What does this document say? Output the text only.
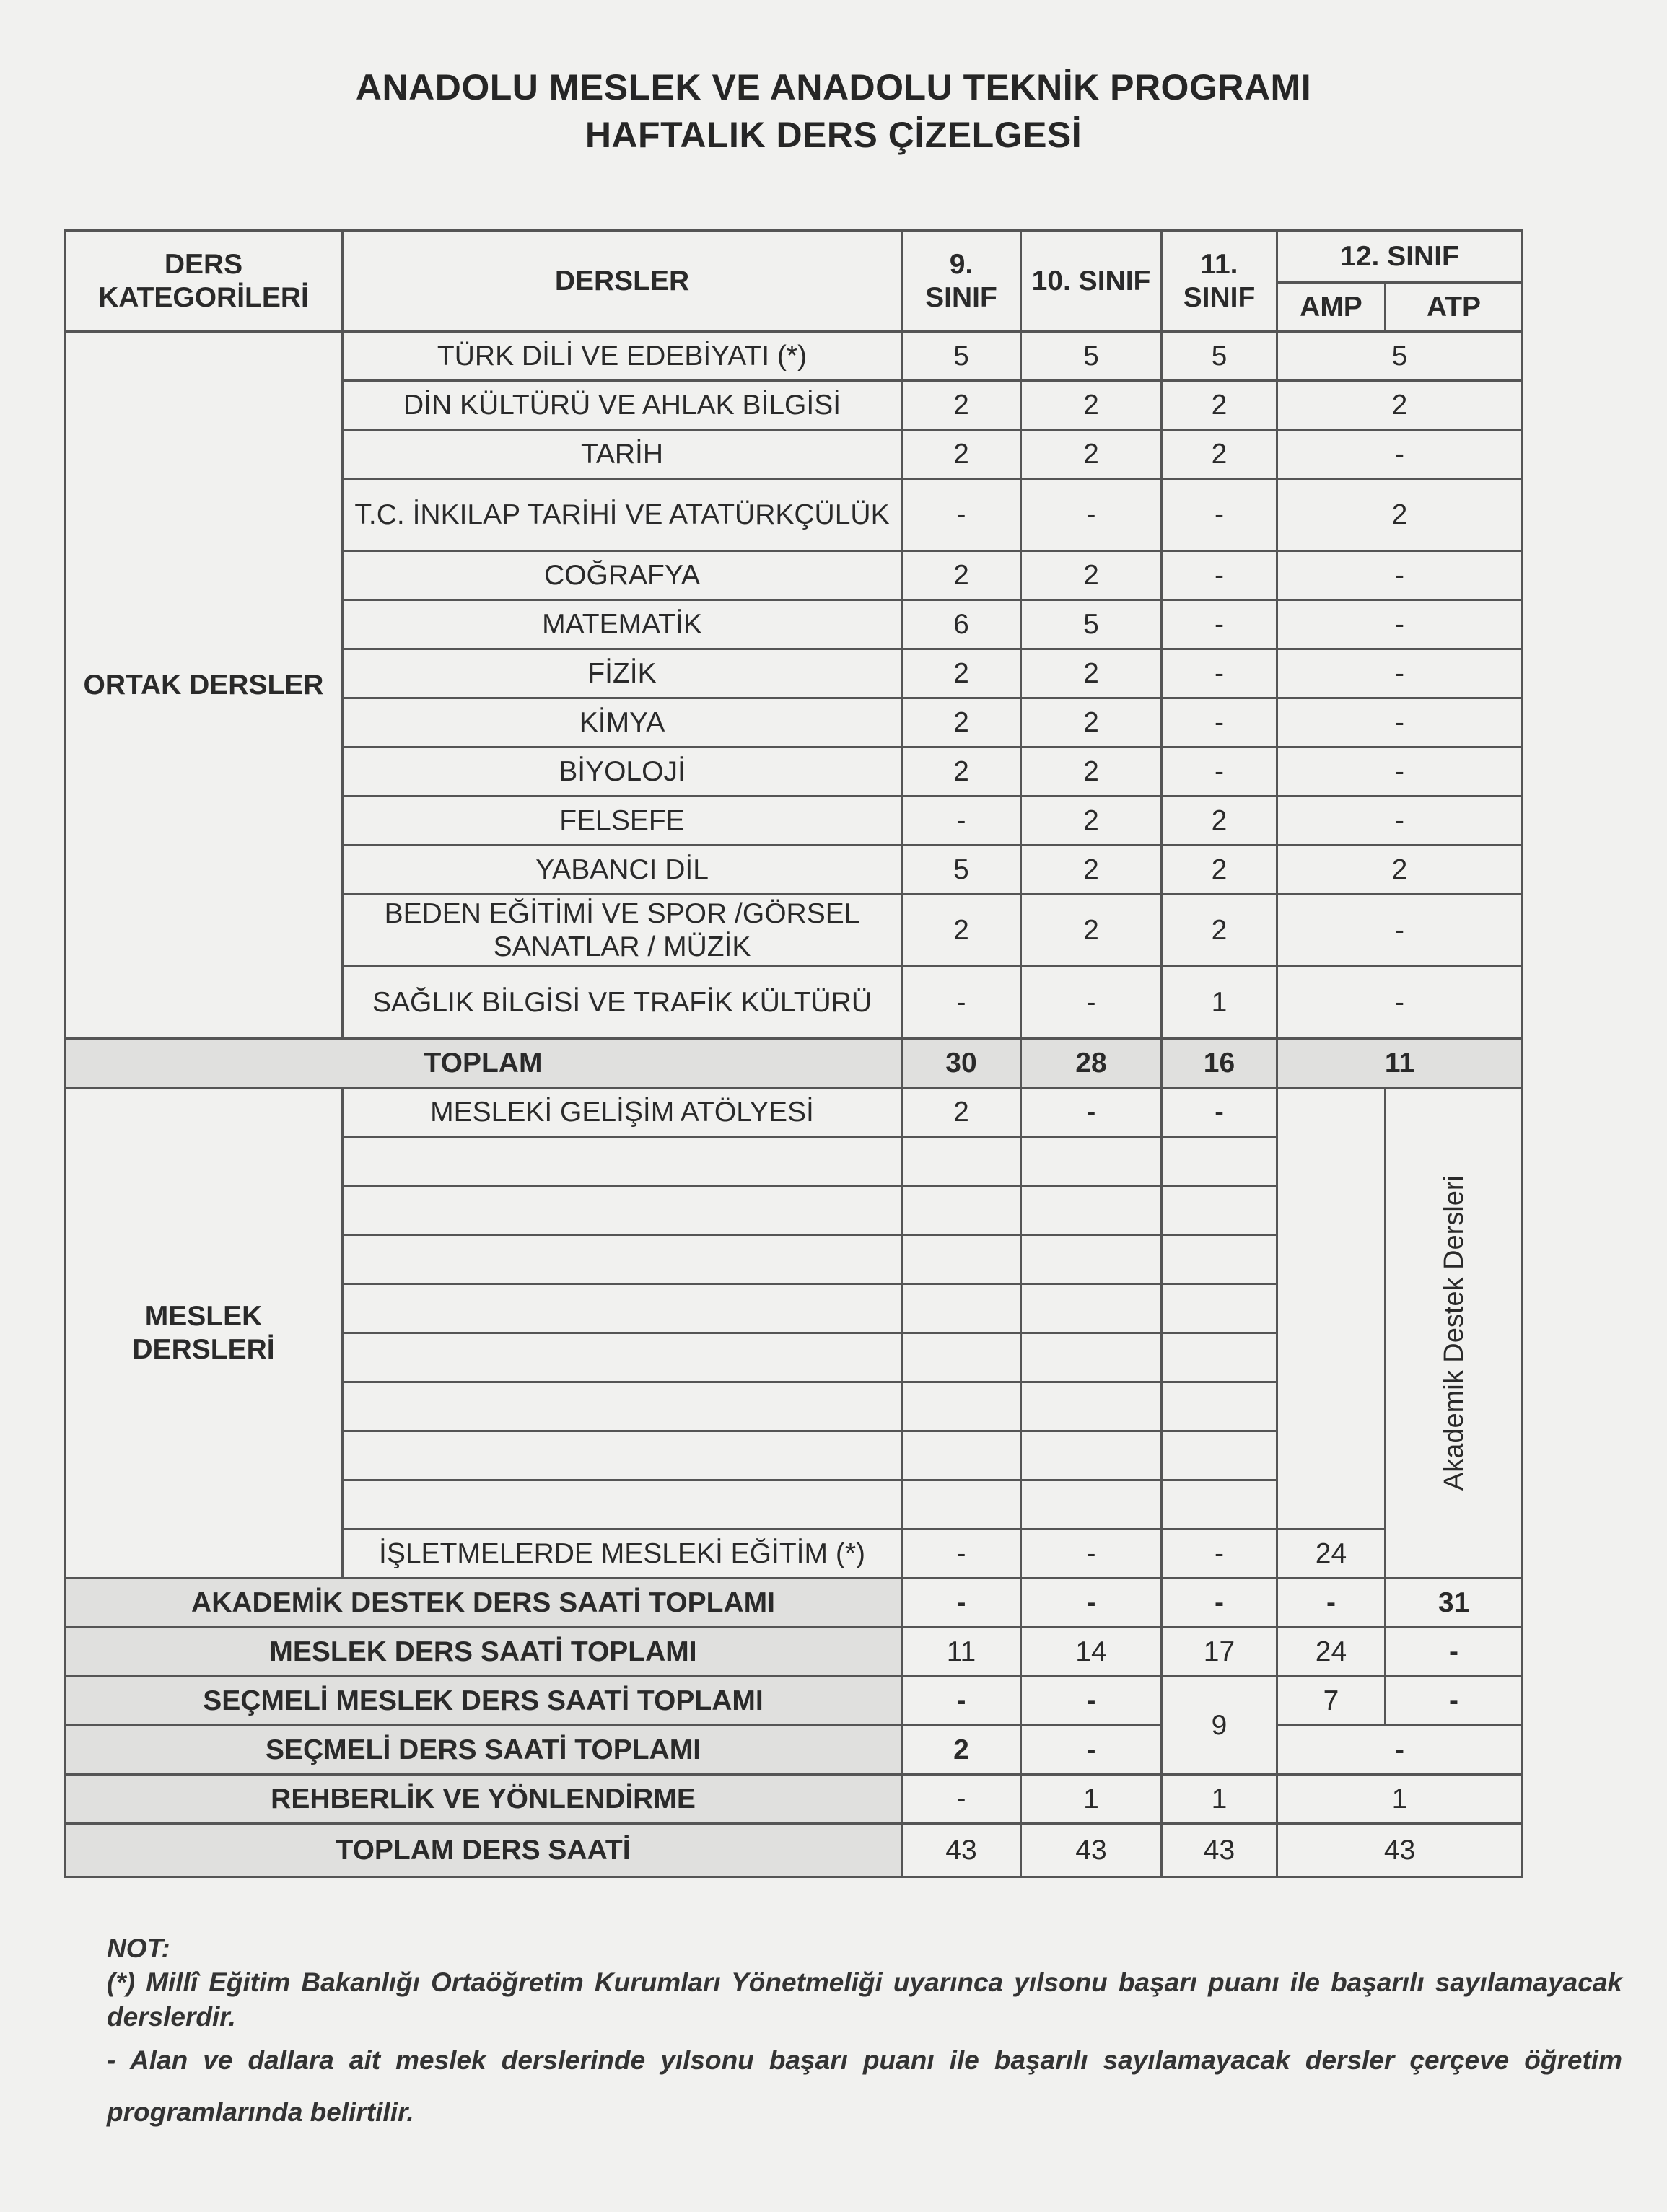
ANADOLU MESLEK VE ANADOLU TEKNİK PROGRAMI
HAFTALIK DERS ÇİZELGESİ
DERS KATEGORİLERİ	DERSLER	9. SINIF	10. SINIF	11. SINIF	12. SINIF	
					AMP	ATP
ORTAK DERSLER	TÜRK DİLİ VE EDEBİYATI (*)	5	5	5	5	
	DİN KÜLTÜRÜ VE AHLAK BİLGİSİ	2	2	2	2	
	TARİH	2	2	2	-	
	T.C. İNKILAP TARİHİ VE ATATÜRKÇÜLÜK	-	-	-	2	
	COĞRAFYA	2	2	-	-	
	MATEMATİK	6	5	-	-	
	FİZİK	2	2	-	-	
	KİMYA	2	2	-	-	
	BİYOLOJİ	2	2	-	-	
	FELSEFE	-	2	2	-	
	YABANCI DİL	5	2	2	2	
	BEDEN EĞİTİMİ VE SPOR /GÖRSEL SANATLAR / MÜZİK	2	2	2	-	
	SAĞLIK BİLGİSİ VE TRAFİK KÜLTÜRÜ	-	-	1	-	
TOPLAM		30	28	16	11	
MESLEK DERSLERİ	MESLEKİ GELİŞİM ATÖLYESİ	2	-	-		Akademik Destek Dersleri

	İŞLETMELERDE MESLEKİ EĞİTİM (*)	-	-	-	24	
AKADEMİK DESTEK DERS SAATİ TOPLAMI		-	-	-	-	31
MESLEK DERS SAATİ TOPLAMI		11	14	17	24	-
SEÇMELİ MESLEK DERS SAATİ TOPLAMI		-	-	9	7	-
SEÇMELİ DERS SAATİ TOPLAMI		2	-		-	
REHBERLİK VE YÖNLENDİRME		-	1	1	1	
TOPLAM DERS SAATİ		43	43	43	43	

NOT:

(*) Millî Eğitim Bakanlığı Ortaöğretim Kurumları Yönetmeliği uyarınca yılsonu başarı puanı ile başarılı sayılamayacak derslerdir.

- Alan ve dallara ait meslek derslerinde yılsonu başarı puanı ile başarılı sayılamayacak dersler çerçeve öğretim programlarında belirtilir.
